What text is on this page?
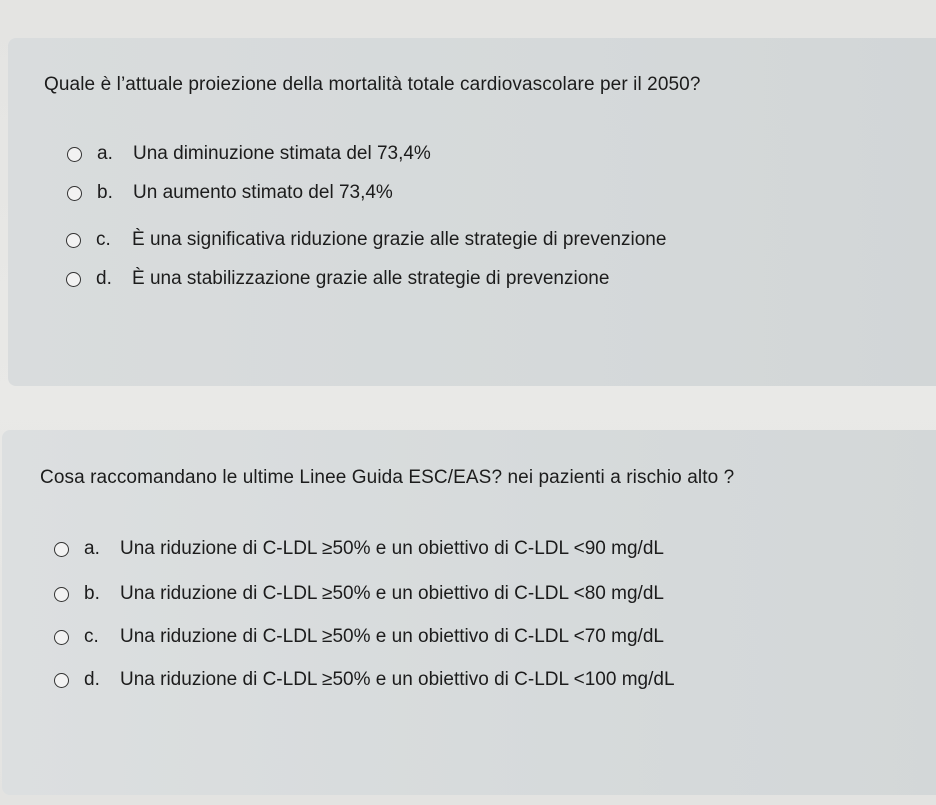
Quale è l’attuale proiezione della mortalità totale cardiovascolare per il 2050?
a.	Una diminuzione stimata del 73,4%
b.	Un aumento stimato del 73,4%
c.	È una significativa riduzione grazie alle strategie di prevenzione
d.	È una stabilizzazione grazie alle strategie di prevenzione
Cosa raccomandano le ultime Linee Guida ESC/EAS? nei pazienti a rischio alto ?
a.	Una riduzione di C-LDL ≥50% e un obiettivo di C-LDL <90 mg/dL
b.	Una riduzione di C-LDL ≥50% e un obiettivo di C-LDL <80 mg/dL
c.	Una riduzione di C-LDL ≥50% e un obiettivo di C-LDL <70 mg/dL
d.	Una riduzione di C-LDL ≥50% e un obiettivo di C-LDL <100 mg/dL
